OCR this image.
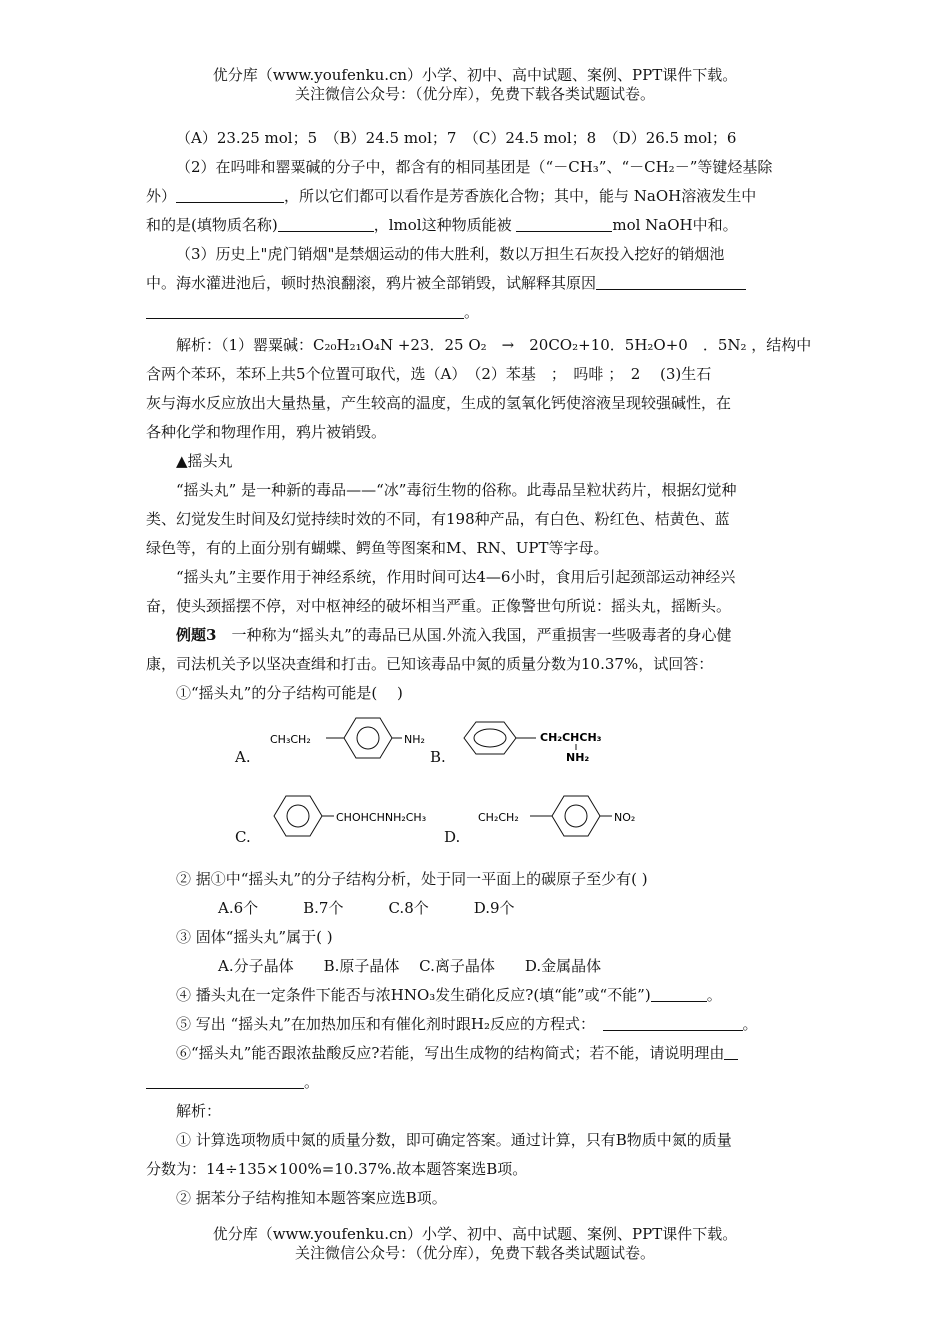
优分库（www.youfenku.cn）小学、初中、高中试题、案例、PPT课件下载。
关注微信公众号：（优分库），免费下载各类试题试卷。
（A）23.25 mol；5　（B）24.5 mol；7　（C）24.5 mol；8　（D）26.5 mol；6
（2）在吗啡和罂粟碱的分子中，都含有的相同基团是（“－CH₃”、“－CH₂－”等键烃基除
外）	，所以它们都可以看作是芳香族化合物；其中，能与 NaOH溶液发生中
和的是(填物质名称)	，lmol这种物质能被	mol NaOH中和。
（3）历史上"虎门销烟"是禁烟运动的伟大胜利，数以万担生石灰投入挖好的销烟池
中。海水灌进池后，顿时热浪翻滚，鸦片被全部销毁，试解释其原因
。
解析：（1）罂粟碱：C₂₀H₂₁O₄N +23．25 O₂　→　20CO₂+10．5H₂O+0　．5N₂ ，结构中
含两个苯环，苯环上共5个位置可取代，选（A）　（2）苯基　；　吗啡 ；　2　 (3)生石
灰与海水反应放出大量热量，产生较高的温度，生成的氢氧化钙使溶液呈现较强碱性，在
各种化学和物理作用，鸦片被销毁。
▲摇头丸
“摇头丸” 是一种新的毒品——“冰”毒衍生物的俗称。此毒品呈粒状药片，根据幻觉种
类、幻觉发生时间及幻觉持续时效的不同，有198种产品，有白色、粉红色、桔黄色、蓝
绿色等，有的上面分别有蝴蝶、鳄鱼等图案和M、RN、UPT等字母。
“摇头丸”主要作用于神经系统，作用时间可达4—6小时，食用后引起颈部运动神经兴
奋，使头颈摇摆不停，对中枢神经的破坏相当严重。正像警世句所说：摇头丸，摇断头。
例题3　 一种称为“摇头丸”的毒品已从国.外流入我国，严重损害一些吸毒者的身心健
康，司法机关予以坚决查缉和打击。已知该毒品中氮的质量分数为10.37%，试回答：
①“摇头丸”的分子结构可能是(　 )
A.
CH₃CH₂	NH₂
B.
CH₂CHCH₃
NH₂
C.
CHOHCHNH₂CH₃
D.
CH₂CH₂	NO₂
② 据①中“摇头丸”的分子结构分析，处于同一平面上的碳原子至少有( )
A.6个　　　B.7个　　　C.8个　　　D.9个
③ 固体“摇头丸”属于( )
A.分子晶体　　B.原子晶体　 C.离子晶体　　D.金属晶体
④ 播头丸在一定条件下能否与浓HNO₃发生硝化反应?(填“能”或“不能”)	。
⑤ 写出 “摇头丸”在加热加压和有催化剂时跟H₂反应的方程式：　	。
⑥“摇头丸”能否跟浓盐酸反应?若能，写出生成物的结构简式；若不能，请说明理由
。
解析：
① 计算选项物质中氮的质量分数，即可确定答案。通过计算，只有B物质中氮的质量
分数为：14÷135×100%=10.37%.故本题答案选B项。
② 据苯分子结构推知本题答案应选B项。
优分库（www.youfenku.cn）小学、初中、高中试题、案例、PPT课件下载。
关注微信公众号：（优分库），免费下载各类试题试卷。
